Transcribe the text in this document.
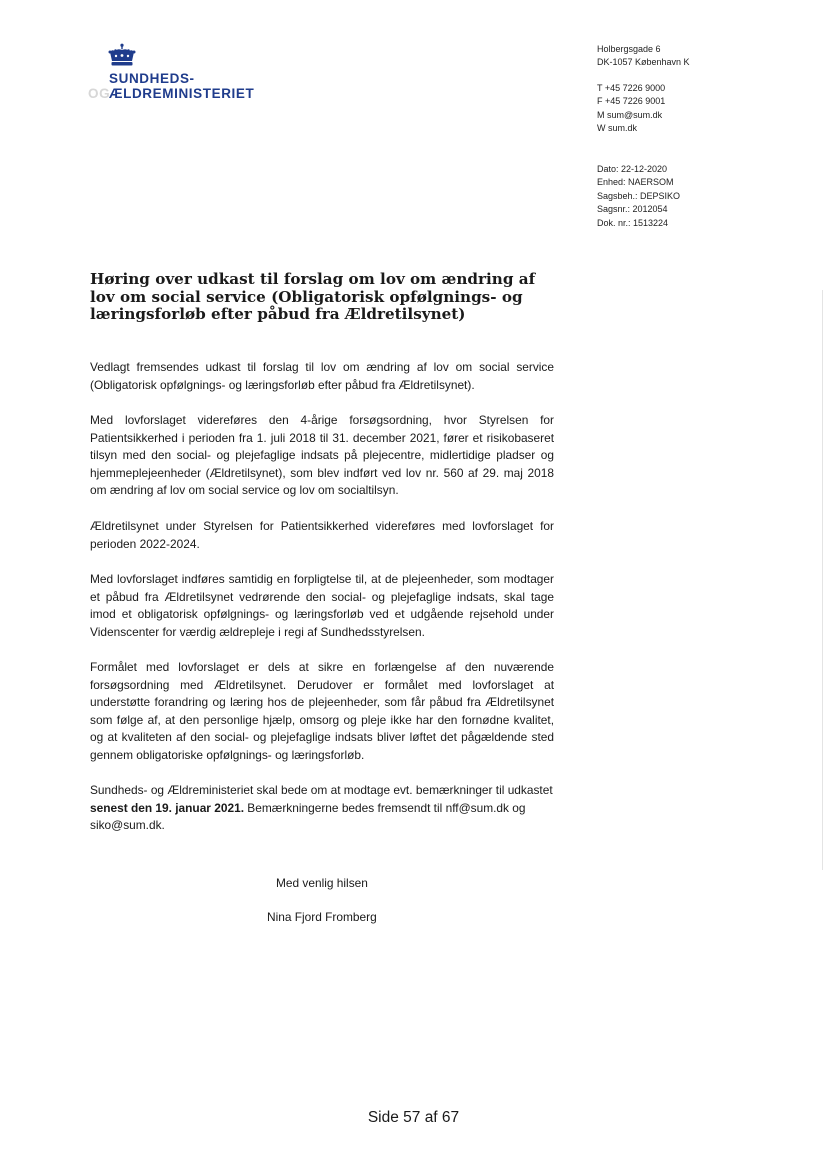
SUNDHEDS-
OG
ÆLDREMINISTERIET
Holbergsgade 6
DK-1057 København K
T +45 7226 9000
F +45 7226 9001
M sum@sum.dk
W sum.dk
Dato: 22-12-2020
Enhed: NAERSOM
Sagsbeh.: DEPSIKO
Sagsnr.: 2012054
Dok. nr.: 1513224
Høring over udkast til forslag om lov om ændring af lov om social service (Obligatorisk opfølgnings- og læringsforløb efter påbud fra Ældretilsynet)

Vedlagt fremsendes udkast til forslag til lov om ændring af lov om social service (Obligatorisk opfølgnings- og læringsforløb efter påbud fra Ældretilsynet).

Med lovforslaget videreføres den 4-årige forsøgsordning, hvor Styrelsen for Patientsikkerhed i perioden fra 1. juli 2018 til 31. december 2021, fører et risikobaseret tilsyn med den social- og plejefaglige indsats på plejecentre, midlertidige pladser og hjemmeplejeenheder (Ældretilsynet), som blev indført ved lov nr. 560 af 29. maj 2018 om ændring af lov om social service og lov om socialtilsyn.

Ældretilsynet under Styrelsen for Patientsikkerhed videreføres med lovforslaget for perioden 2022-2024.

Med lovforslaget indføres samtidig en forpligtelse til, at de plejeenheder, som modtager et påbud fra Ældretilsynet vedrørende den social- og plejefaglige indsats, skal tage imod et obligatorisk opfølgnings- og læringsforløb ved et udgående rejsehold under Videnscenter for værdig ældrepleje i regi af Sundhedsstyrelsen.

Formålet med lovforslaget er dels at sikre en forlængelse af den nuværende forsøgsordning med Ældretilsynet. Derudover er formålet med lovforslaget at understøtte forandring og læring hos de plejeenheder, som får påbud fra Ældretilsynet som følge af, at den personlige hjælp, omsorg og pleje ikke har den fornødne kvalitet, og at kvaliteten af den social- og plejefaglige indsats bliver løftet det pågældende sted gennem obligatoriske opfølgnings- og læringsforløb.

Sundheds- og Ældreministeriet skal bede om at modtage evt. bemærkninger til udkastet senest den 19. januar 2021. Bemærkningerne bedes fremsendt til nff@sum.dk og siko@sum.dk.

Med venlig hilsen
Nina Fjord Fromberg
Side 57 af 67
